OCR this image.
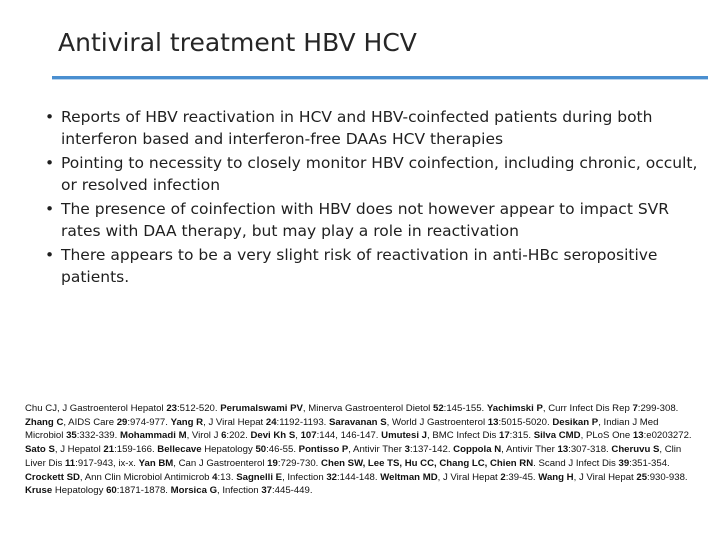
Antiviral treatment HBV HCV
• Reports of HBV reactivation in HCV and HBV-coinfected patients during both interferon based and interferon-free DAAs HCV therapies
• Pointing to necessity to closely monitor HBV coinfection, including chronic, occult, or resolved infection
• The presence of coinfection with HBV does not however appear to impact SVR rates with DAA therapy, but may play a role in reactivation
• There appears to be a very slight risk of reactivation in anti-HBc seropositive patients.

Chu CJ, J Gastroenterol Hepatol 23:512-520. Perumalswami PV, Minerva Gastroenterol Dietol 52:145-155. Yachimski P, Curr Infect Dis Rep 7:299-308. Zhang C, AIDS Care 29:974-977. Yang R, J Viral Hepat 24:1192-1193. Saravanan S, World J Gastroenterol 13:5015-5020. Desikan P, Indian J Med Microbiol 35:332-339. Mohammadi M, Virol J 6:202. Devi Kh S, 107:144, 146-147. Umutesi J, BMC Infect Dis 17:315. Silva CMD, PLoS One 13:e0203272. Sato S, J Hepatol 21:159-166. Bellecave Hepatology 50:46-55. Pontisso P, Antivir Ther 3:137-142. Coppola N, Antivir Ther 13:307-318. Cheruvu S, Clin Liver Dis 11:917-943, ix-x. Yan BM, Can J Gastroenterol 19:729-730. Chen SW, Lee TS, Hu CC, Chang LC, Chien RN. Scand J Infect Dis 39:351-354. Crockett SD, Ann Clin Microbiol Antimicrob 4:13. Sagnelli E, Infection 32:144-148. Weltman MD, J Viral Hepat 2:39-45. Wang H, J Viral Hepat 25:930-938. Kruse Hepatology 60:1871-1878. Morsica G, Infection 37:445-449.
